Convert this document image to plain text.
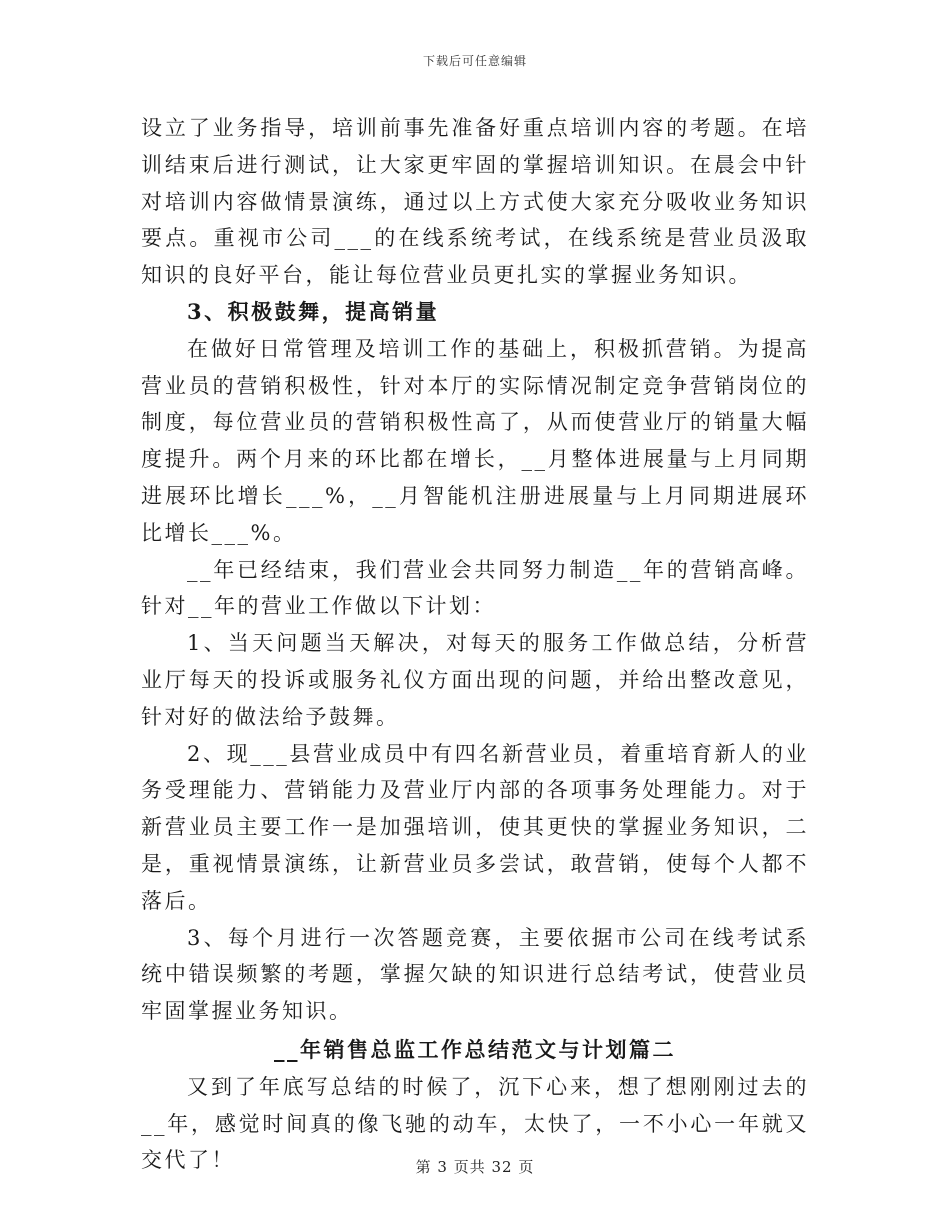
下载后可任意编辑

设立了业务指导，培训前事先准备好重点培训内容的考题。在培训结束后进行测试，让大家更牢固的掌握培训知识。在晨会中针对培训内容做情景演练，通过以上方式使大家充分吸收业务知识要点。重视市公司___的在线系统考试，在线系统是营业员汲取知识的良好平台，能让每位营业员更扎实的掌握业务知识。

3、积极鼓舞，提高销量

在做好日常管理及培训工作的基础上，积极抓营销。为提高营业员的营销积极性，针对本厅的实际情况制定竞争营销岗位的制度，每位营业员的营销积极性高了，从而使营业厅的销量大幅度提升。两个月来的环比都在增长，__月整体进展量与上月同期进展环比增长___%，__月智能机注册进展量与上月同期进展环比增长___%。

__年已经结束，我们营业会共同努力制造__年的营销高峰。针对__年的营业工作做以下计划：

1、当天问题当天解决，对每天的服务工作做总结，分析营业厅每天的投诉或服务礼仪方面出现的问题，并给出整改意见，针对好的做法给予鼓舞。

2、现___县营业成员中有四名新营业员，着重培育新人的业务受理能力、营销能力及营业厅内部的各项事务处理能力。对于新营业员主要工作一是加强培训，使其更快的掌握业务知识，二是，重视情景演练，让新营业员多尝试，敢营销，使每个人都不落后。

3、每个月进行一次答题竞赛，主要依据市公司在线考试系统中错误频繁的考题，掌握欠缺的知识进行总结考试，使营业员牢固掌握业务知识。

__年销售总监工作总结范文与计划篇二

又到了年底写总结的时候了，沉下心来，想了想刚刚过去的__年，感觉时间真的像飞驰的动车，太快了，一不小心一年就又交代了！	第 3 页共 32 页
